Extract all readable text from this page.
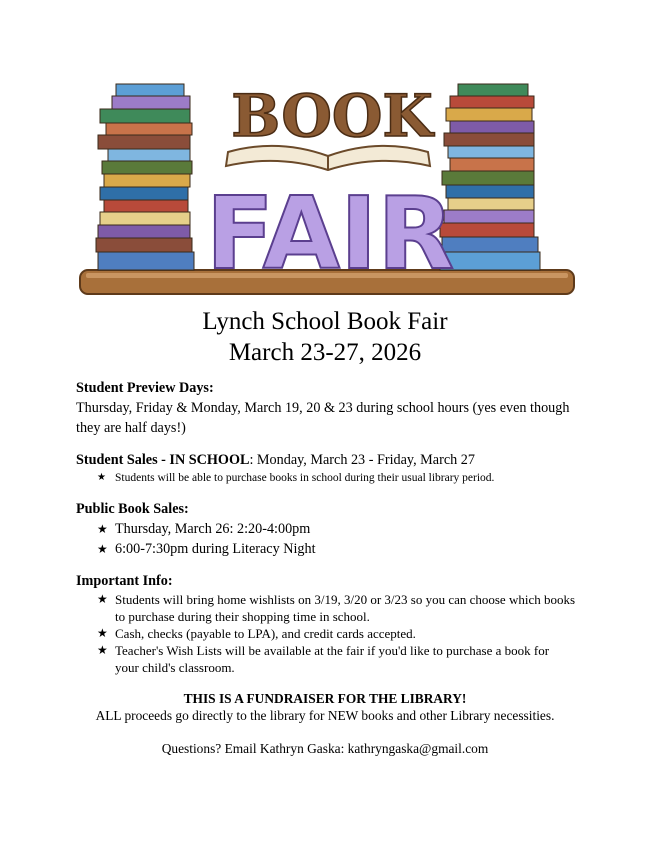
BOOK
FAIR
Lynch School Book Fair
March 23-27, 2026
Student Preview Days:
Thursday, Friday & Monday, March 19, 20 & 23 during school hours (yes even though they are half days!)
Student Sales - IN SCHOOL: Monday, March 23 - Friday, March 27
★ Students will be able to purchase books in school during their usual library period.
Public Book Sales:
★ Thursday, March 26: 2:20-4:00pm
★ 6:00-7:30pm during Literacy Night
Important Info:
★ Students will bring home wishlists on 3/19, 3/20 or 3/23 so you can choose which books to purchase during their shopping time in school.
★ Cash, checks (payable to LPA), and credit cards accepted.
★ Teacher's Wish Lists will be available at the fair if you'd like to purchase a book for your child's classroom.
THIS IS A FUNDRAISER FOR THE LIBRARY!
ALL proceeds go directly to the library for NEW books and other Library necessities.
Questions? Email Kathryn Gaska: kathryngaska@gmail.com
